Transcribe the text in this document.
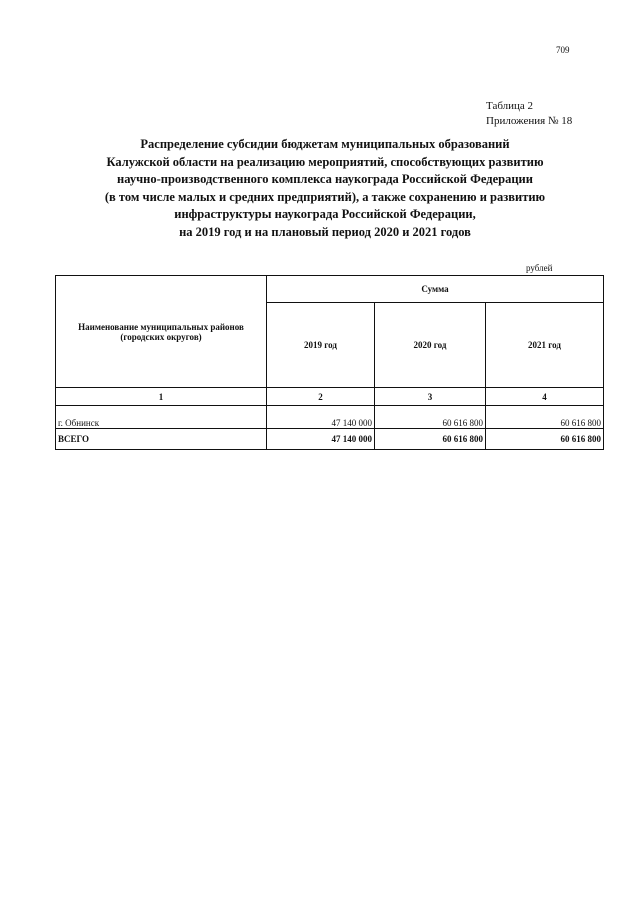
709
Таблица 2
Приложения № 18
Распределение субсидии бюджетам муниципальных образований
Калужской области на реализацию мероприятий, способствующих развитию
научно-производственного комплекса наукограда Российской Федерации
(в том числе малых и средних предприятий), а также сохранению и развитию
инфраструктуры наукограда Российской Федерации,
на 2019 год и на плановый период 2020 и 2021 годов
рублей
Наименование муниципальных районов (городских округов)	Сумма		
	2019 год	2020 год	2021 год
1	2	3	4
г. Обнинск	47 140 000	60 616 800	60 616 800
ВСЕГО	47 140 000	60 616 800	60 616 800
